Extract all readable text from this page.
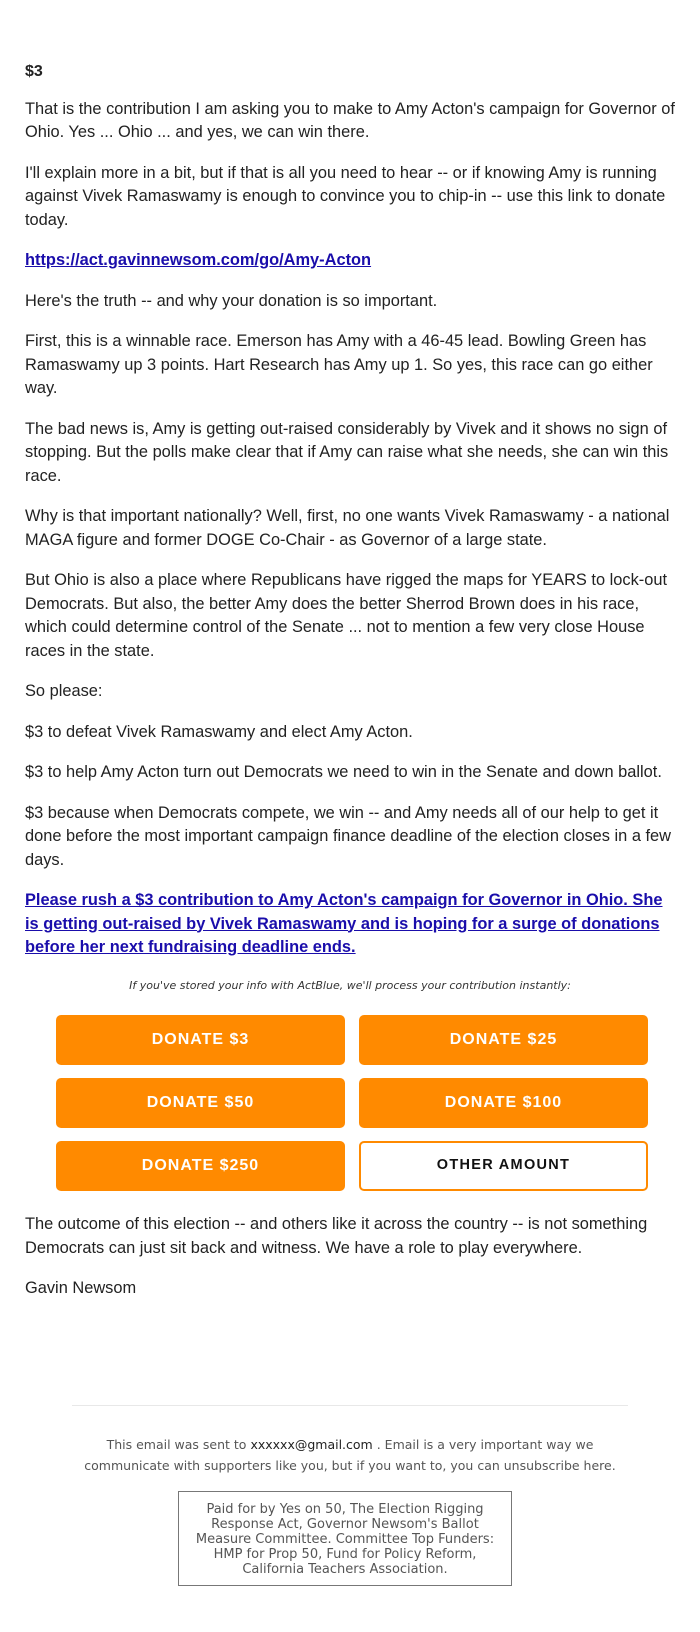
$3

That is the contribution I am asking you to make to Amy Acton's campaign for Governor of Ohio. Yes ... Ohio ... and yes, we can win there.

I'll explain more in a bit, but if that is all you need to hear -- or if knowing Amy is running against Vivek Ramaswamy is enough to convince you to chip-in -- use this link to donate today.

https://act.gavinnewsom.com/go/Amy-Acton

Here's the truth -- and why your donation is so important.

First, this is a winnable race. Emerson has Amy with a 46-45 lead. Bowling Green has Ramaswamy up 3 points. Hart Research has Amy up 1. So yes, this race can go either way.

The bad news is, Amy is getting out-raised considerably by Vivek and it shows no sign of stopping. But the polls make clear that if Amy can raise what she needs, she can win this race.

Why is that important nationally? Well, first, no one wants Vivek Ramaswamy - a national MAGA figure and former DOGE Co-Chair - as Governor of a large state.

But Ohio is also a place where Republicans have rigged the maps for YEARS to lock-out Democrats. But also, the better Amy does the better Sherrod Brown does in his race, which could determine control of the Senate ... not to mention a few very close House races in the state.

So please:

$3 to defeat Vivek Ramaswamy and elect Amy Acton.

$3 to help Amy Acton turn out Democrats we need to win in the Senate and down ballot.

$3 because when Democrats compete, we win -- and Amy needs all of our help to get it done before the most important campaign finance deadline of the election closes in a few days.

Please rush a $3 contribution to Amy Acton's campaign for Governor in Ohio. She is getting out-raised by Vivek Ramaswamy and is hoping for a surge of donations before her next fundraising deadline ends.

If you've stored your info with ActBlue, we'll process your contribution instantly:
DONATE $3	DONATE $25
DONATE $50	DONATE $100
DONATE $250	OTHER AMOUNT

The outcome of this election -- and others like it across the country -- is not something Democrats can just sit back and witness. We have a role to play everywhere.

Gavin Newsom

This email was sent to xxxxxx@gmail.com . Email is a very important way we communicate with supporters like you, but if you want to, you can unsubscribe here.
Paid for by Yes on 50, The Election Rigging Response Act, Governor Newsom's Ballot Measure Committee. Committee Top Funders: HMP for Prop 50, Fund for Policy Reform, California Teachers Association.
